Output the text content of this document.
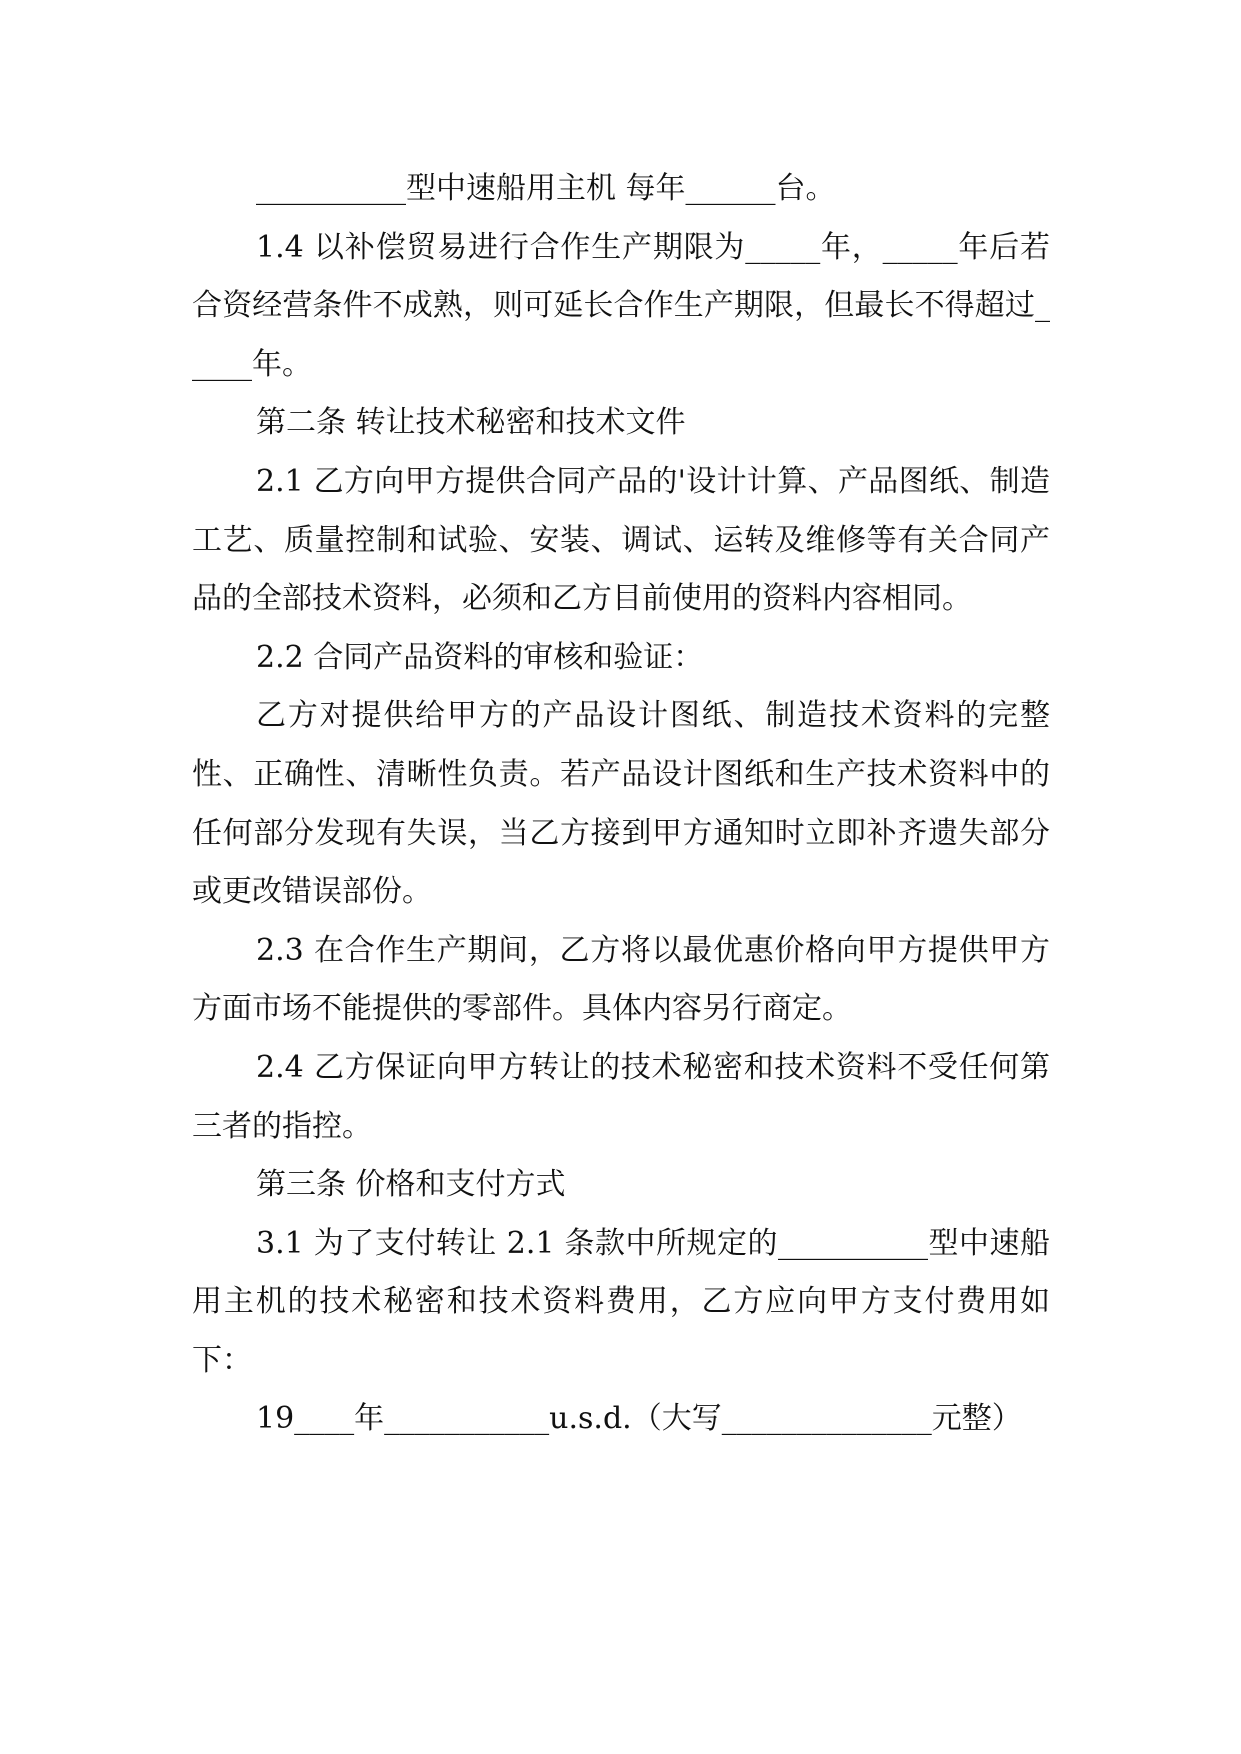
__________型中速船用主机 每年______台。

1.4 以补偿贸易进行合作生产期限为_____年，_____年后若合资经营条件不成熟，则可延长合作生产期限，但最长不得超过_____年。

第二条 转让技术秘密和技术文件

2.1 乙方向甲方提供合同产品的'设计计算、产品图纸、制造工艺、质量控制和试验、安装、调试、运转及维修等有关合同产品的全部技术资料，必须和乙方目前使用的资料内容相同。

2.2 合同产品资料的审核和验证：

乙方对提供给甲方的产品设计图纸、制造技术资料的完整性、正确性、清晰性负责。若产品设计图纸和生产技术资料中的任何部分发现有失误，当乙方接到甲方通知时立即补齐遗失部分或更改错误部份。

2.3 在合作生产期间，乙方将以最优惠价格向甲方提供甲方方面市场不能提供的零部件。具体内容另行商定。

2.4 乙方保证向甲方转让的技术秘密和技术资料不受任何第三者的指控。

第三条 价格和支付方式

3.1 为了支付转让 2.1 条款中所规定的__________型中速船用主机的技术秘密和技术资料费用，乙方应向甲方支付费用如下：

19____年___________u.s.d.（大写______________元整）
